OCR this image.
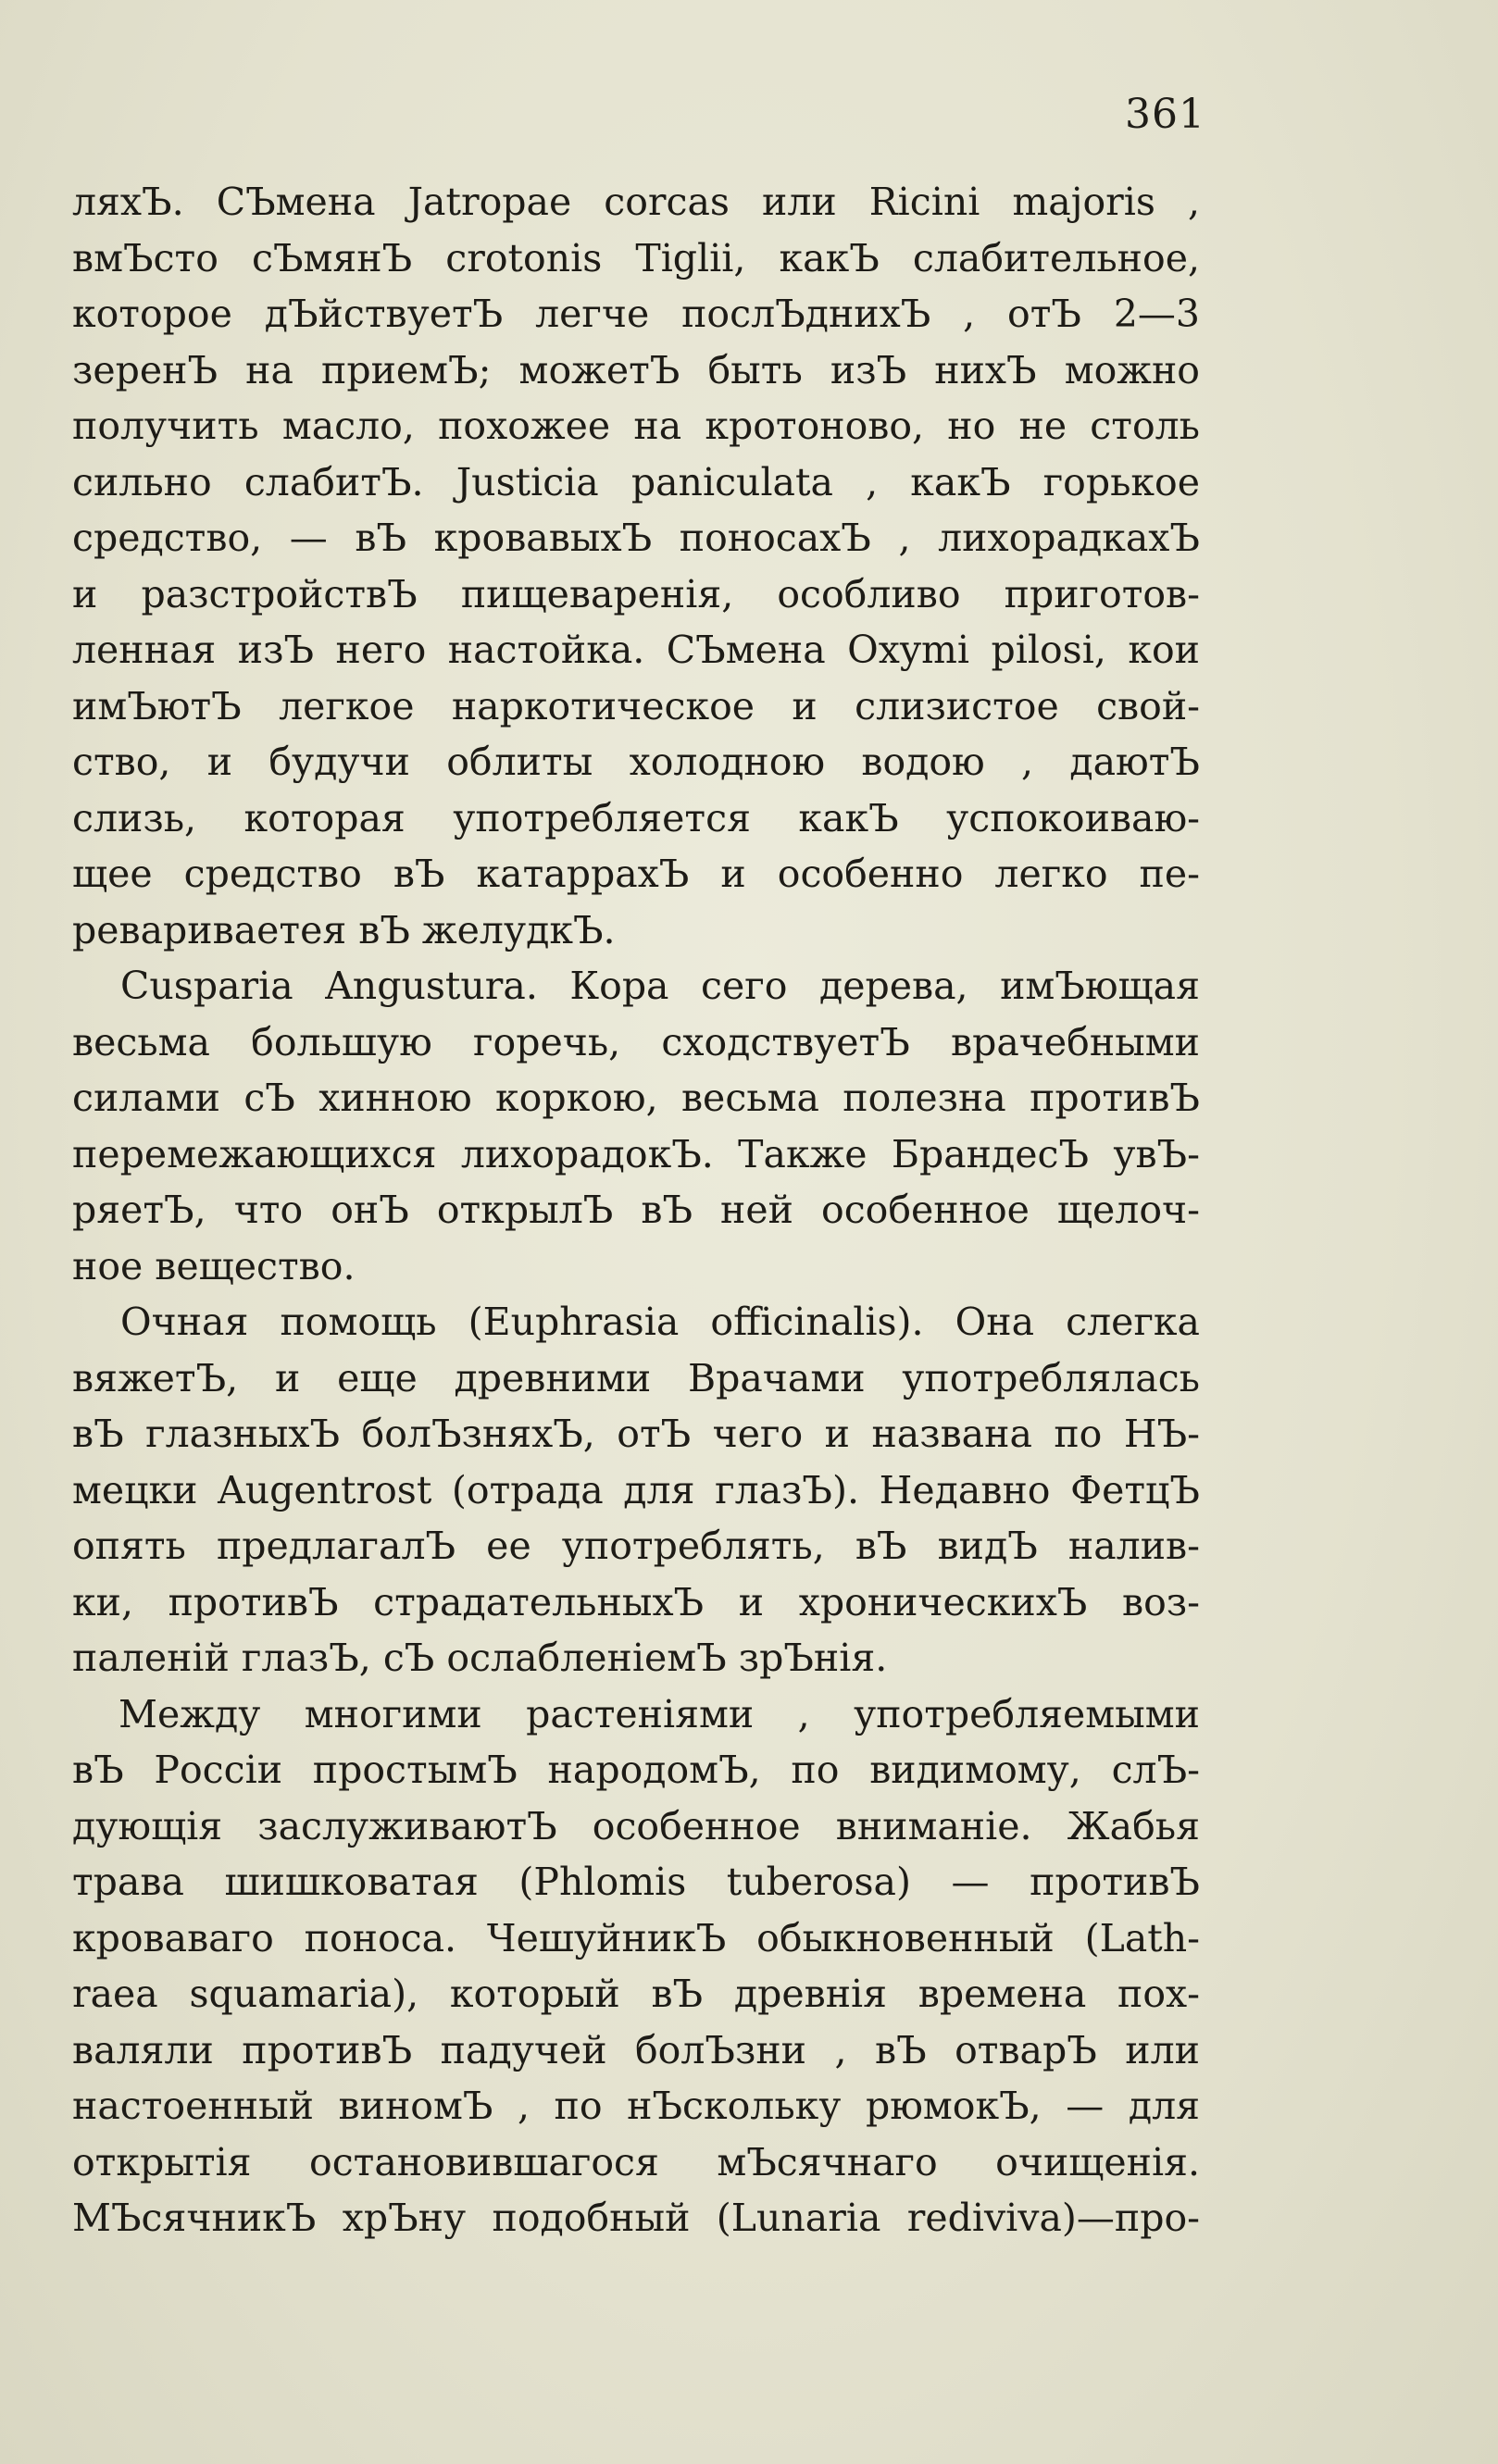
361
ляхЪ. СЪмена Jatropae corcas или Ricini majoris ,
вмЪсто сЪмянЪ crotonis Tiglii, какЪ слабительное,
которое дЪйствуетЪ легче послЪднихЪ , отЪ 2—3
зеренЪ на приемЪ; можетЪ быть изЪ нихЪ можно
получить масло, похожее на кротоново, но не столь
сильно слабитЪ. Justicia paniculata , какЪ горькое
средство, — вЪ кровавыхЪ поносахЪ , лихорадкахЪ
и разстройствЪ пищеваренія, особливо приготов-
ленная изЪ него настойка. СЪмена Oxymi pilosi, кои
имЪютЪ легкое наркотическое и слизистое свой-
ство, и будучи облиты холодною водою , даютЪ
слизь, которая употребляется какЪ успокоиваю-
щее средство вЪ катаррахЪ и особенно легко пе-
ревариваетея вЪ желудкЪ.
Cusparia Angustura. Кора сего дерева, имЪющая
весьма большую горечь, сходствуетЪ врачебными
силами сЪ хинною коркою, весьма полезна противЪ
перемежающихся лихорадокЪ. Также БрандесЪ увЪ-
ряетЪ, что онЪ открылЪ вЪ ней особенное щелоч-
ное вещество.
Очная помощь (Euphrasia officinalis). Она слегка
вяжетЪ, и еще древними Врачами употреблялась
вЪ глазныхЪ болЪзняхЪ, отЪ чего и названа по НЪ-
мецки Augentrost (отрада для глазЪ). Недавно ФетцЪ
опять предлагалЪ ее употреблять, вЪ видЪ налив-
ки, противЪ страдательныхЪ и хроническихЪ воз-
паленій глазЪ, сЪ ослабленіемЪ зрЪнія.
Между многими растеніями , употребляемыми
вЪ Россіи простымЪ народомЪ, по видимому, слЪ-
дующія заслуживаютЪ особенное вниманіе. Жабья
трава шишковатая (Phlomis tuberosa) — противЪ
кроваваго поноса. ЧешуйникЪ обыкновенный (Lath-
raea squamaria), который вЪ древнія времена пох-
валяли противЪ падучей болЪзни , вЪ отварЪ или
настоенный виномЪ , по нЪскольку рюмокЪ, — для
открытія остановившагося мЪсячнаго очищенія.
МЪсячникЪ хрЪну подобный (Lunaria rediviva)—про-
